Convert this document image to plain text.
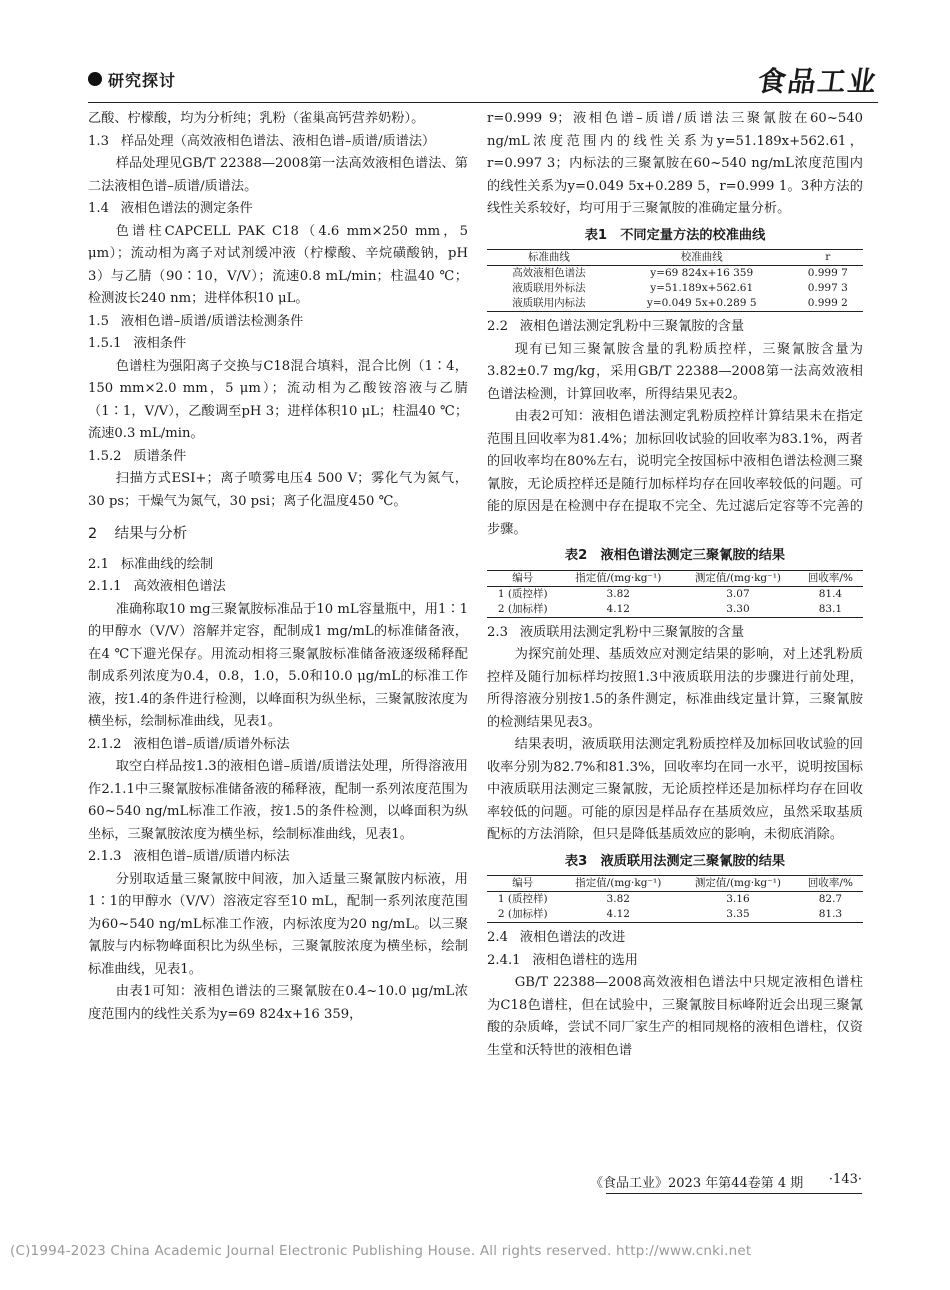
研究探讨	食品工业

乙酸、柠檬酸，均为分析纯；乳粉（雀巢高钙营养奶粉）。

1.3 样品处理（高效液相色谱法、液相色谱–质谱/质谱法）

样品处理见GB/T 22388—2008第一法高效液相色谱法、第二法液相色谱–质谱/质谱法。

1.4 液相色谱法的测定条件

色谱柱CAPCELL PAK C18（4.6 mm×250 mm，5 μm）；流动相为离子对试剂缓冲液（柠檬酸、辛烷磺酸钠，pH 3）与乙腈（90∶10，V/V）；流速0.8 mL/min；柱温40 ℃；检测波长240 nm；进样体积10 μL。

1.5 液相色谱–质谱/质谱法检测条件

1.5.1 液相条件

色谱柱为强阳离子交换与C18混合填料，混合比例（1∶4，150 mm×2.0 mm，5 μm）；流动相为乙酸铵溶液与乙腈（1∶1，V/V），乙酸调至pH 3；进样体积10 μL；柱温40 ℃；流速0.3 mL/min。

1.5.2 质谱条件

扫描方式ESI+；离子喷雾电压4 500 V；雾化气为氮气，30 ps；干燥气为氮气，30 psi；离子化温度450 ℃。

2 结果与分析

2.1 标准曲线的绘制

2.1.1 高效液相色谱法

准确称取10 mg三聚氰胺标准品于10 mL容量瓶中，用1∶1的甲醇水（V/V）溶解并定容，配制成1 mg/mL的标准储备液，在4 ℃下避光保存。用流动相将三聚氰胺标准储备液逐级稀释配制成系列浓度为0.4，0.8，1.0，5.0和10.0 μg/mL的标准工作液，按1.4的条件进行检测，以峰面积为纵坐标，三聚氰胺浓度为横坐标，绘制标准曲线，见表1。

2.1.2 液相色谱–质谱/质谱外标法

取空白样品按1.3的液相色谱–质谱/质谱法处理，所得溶液用作2.1.1中三聚氰胺标准储备液的稀释液，配制一系列浓度范围为60~540 ng/mL标准工作液，按1.5的条件检测，以峰面积为纵坐标，三聚氰胺浓度为横坐标，绘制标准曲线，见表1。

2.1.3 液相色谱–质谱/质谱内标法

分别取适量三聚氰胺中间液，加入适量三聚氰胺内标液，用1∶1的甲醇水（V/V）溶液定容至10 mL，配制一系列浓度范围为60~540 ng/mL标准工作液，内标浓度为20 ng/mL。以三聚氰胺与内标物峰面积比为纵坐标，三聚氰胺浓度为横坐标，绘制标准曲线，见表1。

由表1可知：液相色谱法的三聚氰胺在0.4~10.0 μg/mL浓度范围内的线性关系为y=69 824x+16 359，

r=0.999 9；液相色谱–质谱/质谱法三聚氰胺在60~540 ng/mL浓度范围内的线性关系为y=51.189x+562.61，r=0.997 3；内标法的三聚氰胺在60~540 ng/mL浓度范围内的线性关系为y=0.049 5x+0.289 5，r=0.999 1。3种方法的线性关系较好，均可用于三聚氰胺的准确定量分析。

表1　不同定量方法的校准曲线
标准曲线	校准曲线	r
高效液相色谱法	y=69 824x+16 359	0.999 7
液质联用外标法	y=51.189x+562.61	0.997 3
液质联用内标法	y=0.049 5x+0.289 5	0.999 2

2.2 液相色谱法测定乳粉中三聚氰胺的含量

现有已知三聚氰胺含量的乳粉质控样，三聚氰胺含量为3.82±0.7 mg/kg，采用GB/T 22388—2008第一法高效液相色谱法检测，计算回收率，所得结果见表2。

由表2可知：液相色谱法测定乳粉质控样计算结果未在指定范围且回收率为81.4%；加标回收试验的回收率为83.1%，两者的回收率均在80%左右，说明完全按国标中液相色谱法检测三聚氰胺，无论质控样还是随行加标样均存在回收率较低的问题。可能的原因是在检测中存在提取不完全、先过滤后定容等不完善的步骤。

表2　液相色谱法测定三聚氰胺的结果
编号	指定值/(mg·kg⁻¹)	测定值/(mg·kg⁻¹)	回收率/%
1 (质控样)	3.82	3.07	81.4
2 (加标样)	4.12	3.30	83.1

2.3 液质联用法测定乳粉中三聚氰胺的含量

为探究前处理、基质效应对测定结果的影响，对上述乳粉质控样及随行加标样均按照1.3中液质联用法的步骤进行前处理，所得溶液分别按1.5的条件测定，标准曲线定量计算，三聚氰胺的检测结果见表3。

结果表明，液质联用法测定乳粉质控样及加标回收试验的回收率分别为82.7%和81.3%，回收率均在同一水平，说明按国标中液质联用法测定三聚氰胺，无论质控样还是加标样均存在回收率较低的问题。可能的原因是样品存在基质效应，虽然采取基质配标的方法消除，但只是降低基质效应的影响，未彻底消除。

表3　液质联用法测定三聚氰胺的结果
编号	指定值/(mg·kg⁻¹)	测定值/(mg·kg⁻¹)	回收率/%
1 (质控样)	3.82	3.16	82.7
2 (加标样)	4.12	3.35	81.3

2.4 液相色谱法的改进

2.4.1 液相色谱柱的选用

GB/T 22388—2008高效液相色谱法中只规定液相色谱柱为C18色谱柱，但在试验中，三聚氰胺目标峰附近会出现三聚氰酸的杂质峰，尝试不同厂家生产的相同规格的液相色谱柱，仅资生堂和沃特世的液相色谱

《食品工业》2023 年第44卷第 4 期 ·143·
(C)1994-2023 China Academic Journal Electronic Publishing House. All rights reserved. http://www.cnki.net
